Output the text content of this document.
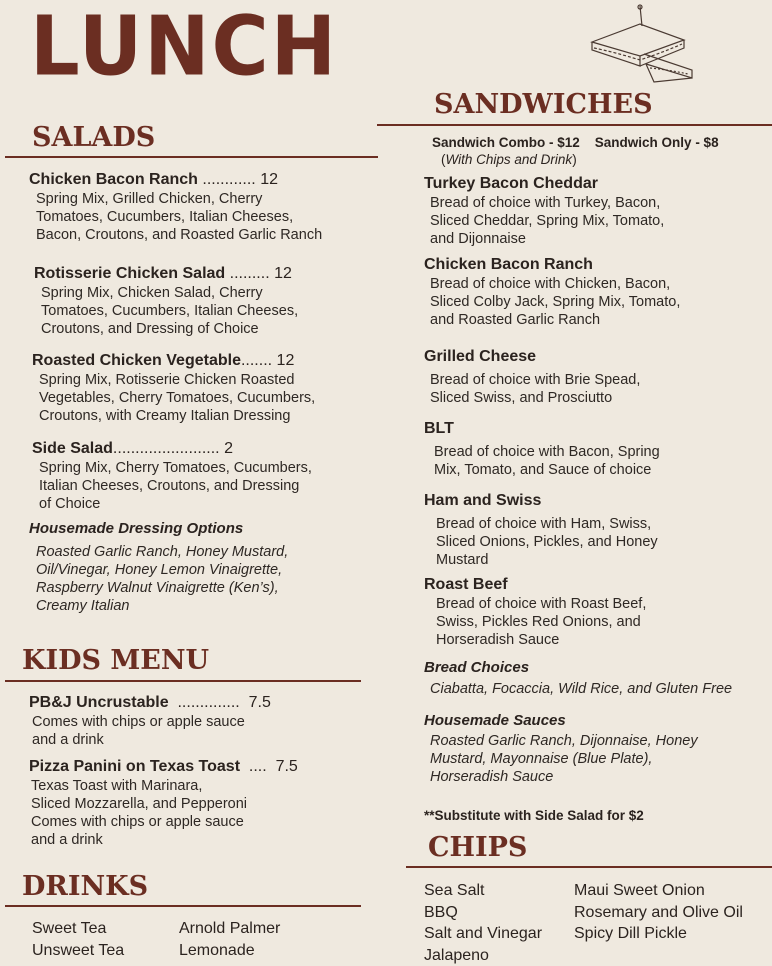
LUNCH
SALADS
Chicken Bacon Ranch ............ 12
Spring Mix, Grilled Chicken, Cherry
Tomatoes, Cucumbers, Italian Cheeses,
Bacon, Croutons, and Roasted Garlic Ranch
Rotisserie Chicken Salad ......... 12
Spring Mix, Chicken Salad, Cherry
Tomatoes, Cucumbers, Italian Cheeses,
Croutons, and Dressing of Choice
Roasted Chicken Vegetable....... 12
Spring Mix, Rotisserie Chicken Roasted
Vegetables, Cherry Tomatoes, Cucumbers,
Croutons, with Creamy Italian Dressing
Side Salad........................ 2
Spring Mix, Cherry Tomatoes, Cucumbers,
Italian Cheeses, Croutons, and Dressing
of Choice
Housemade Dressing Options
Roasted Garlic Ranch, Honey Mustard,
Oil/Vinegar, Honey Lemon Vinaigrette,
Raspberry Walnut Vinaigrette (Ken’s),
Creamy Italian
KIDS MENU
PB&J Uncrustable .............. 7.5
Comes with chips or apple sauce
and a drink
Pizza Panini on Texas Toast .... 7.5
Texas Toast with Marinara,
Sliced Mozzarella, and Pepperoni
Comes with chips or apple sauce
and a drink
DRINKS
Sweet Tea
Unsweet Tea
Arnold Palmer
Lemonade
SANDWICHES
Sandwich Combo - $12 Sandwich Only - $8
(With Chips and Drink)
Turkey Bacon Cheddar
Bread of choice with Turkey, Bacon,
Sliced Cheddar, Spring Mix, Tomato,
and Dijonnaise
Chicken Bacon Ranch
Bread of choice with Chicken, Bacon,
Sliced Colby Jack, Spring Mix, Tomato,
and Roasted Garlic Ranch
Grilled Cheese
Bread of choice with Brie Spead,
Sliced Swiss, and Prosciutto
BLT
Bread of choice with Bacon, Spring
Mix, Tomato, and Sauce of choice
Ham and Swiss
Bread of choice with Ham, Swiss,
Sliced Onions, Pickles, and Honey
Mustard
Roast Beef
Bread of choice with Roast Beef,
Swiss, Pickles Red Onions, and
Horseradish Sauce
Bread Choices
Ciabatta, Focaccia, Wild Rice, and Gluten Free
Housemade Sauces
Roasted Garlic Ranch, Dijonnaise, Honey
Mustard, Mayonnaise (Blue Plate),
Horseradish Sauce
**Substitute with Side Salad for $2
CHIPS
Sea Salt
BBQ
Salt and Vinegar
Jalapeno
Maui Sweet Onion
Rosemary and Olive Oil
Spicy Dill Pickle
